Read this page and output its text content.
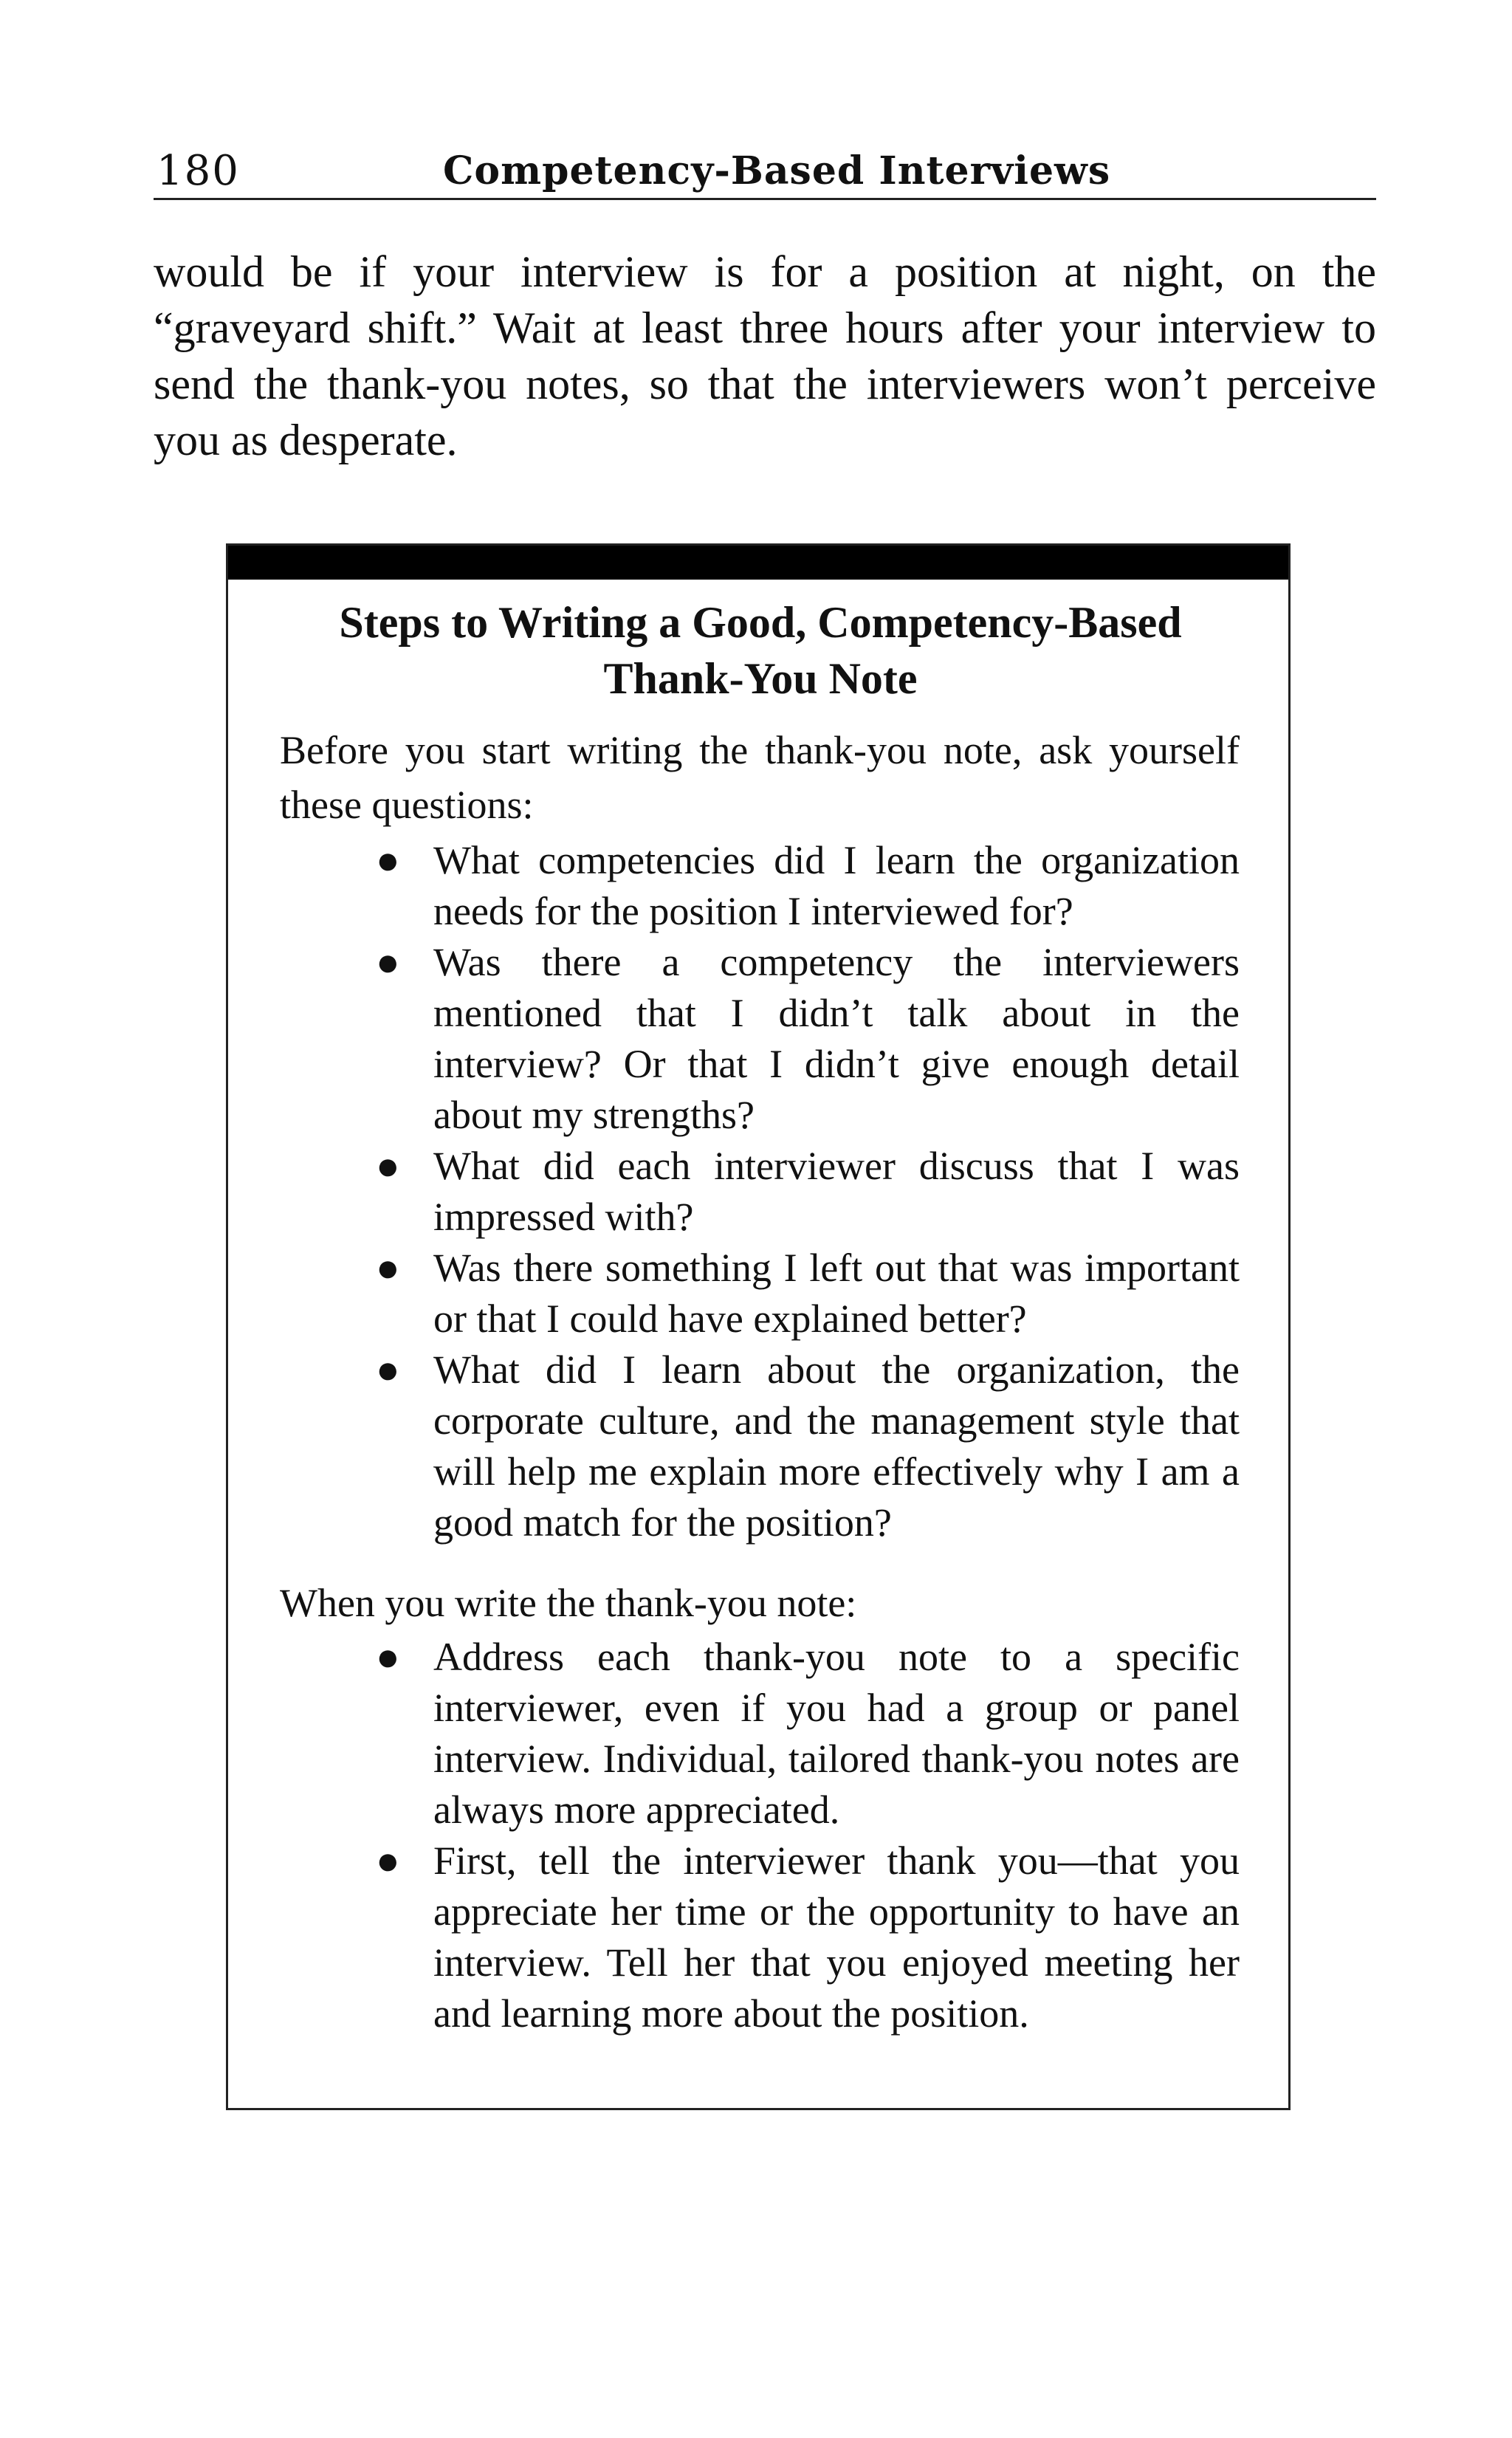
180	Competency-Based Interviews

would be if your interview is for a position at night, on the “graveyard shift.” Wait at least three hours after your interview to send the thank-you notes, so that the interviewers won’t perceive you as desperate.

Steps to Writing a Good, Competency-Based
Thank-You Note

Before you start writing the thank-you note, ask yourself these questions:

● What competencies did I learn the organization needs for the position I interviewed for?
● Was there a competency the interviewers mentioned that I didn’t talk about in the interview? Or that I didn’t give enough detail about my strengths?
● What did each interviewer discuss that I was impressed with?
● Was there something I left out that was important or that I could have explained better?
● What did I learn about the organization, the corporate culture, and the management style that will help me explain more effectively why I am a good match for the position?

When you write the thank-you note:

● Address each thank-you note to a specific interviewer, even if you had a group or panel interview. Individual, tailored thank-you notes are always more appreciated.
● First, tell the interviewer thank you—that you appreciate her time or the opportunity to have an interview. Tell her that you enjoyed meeting her and learning more about the position.
